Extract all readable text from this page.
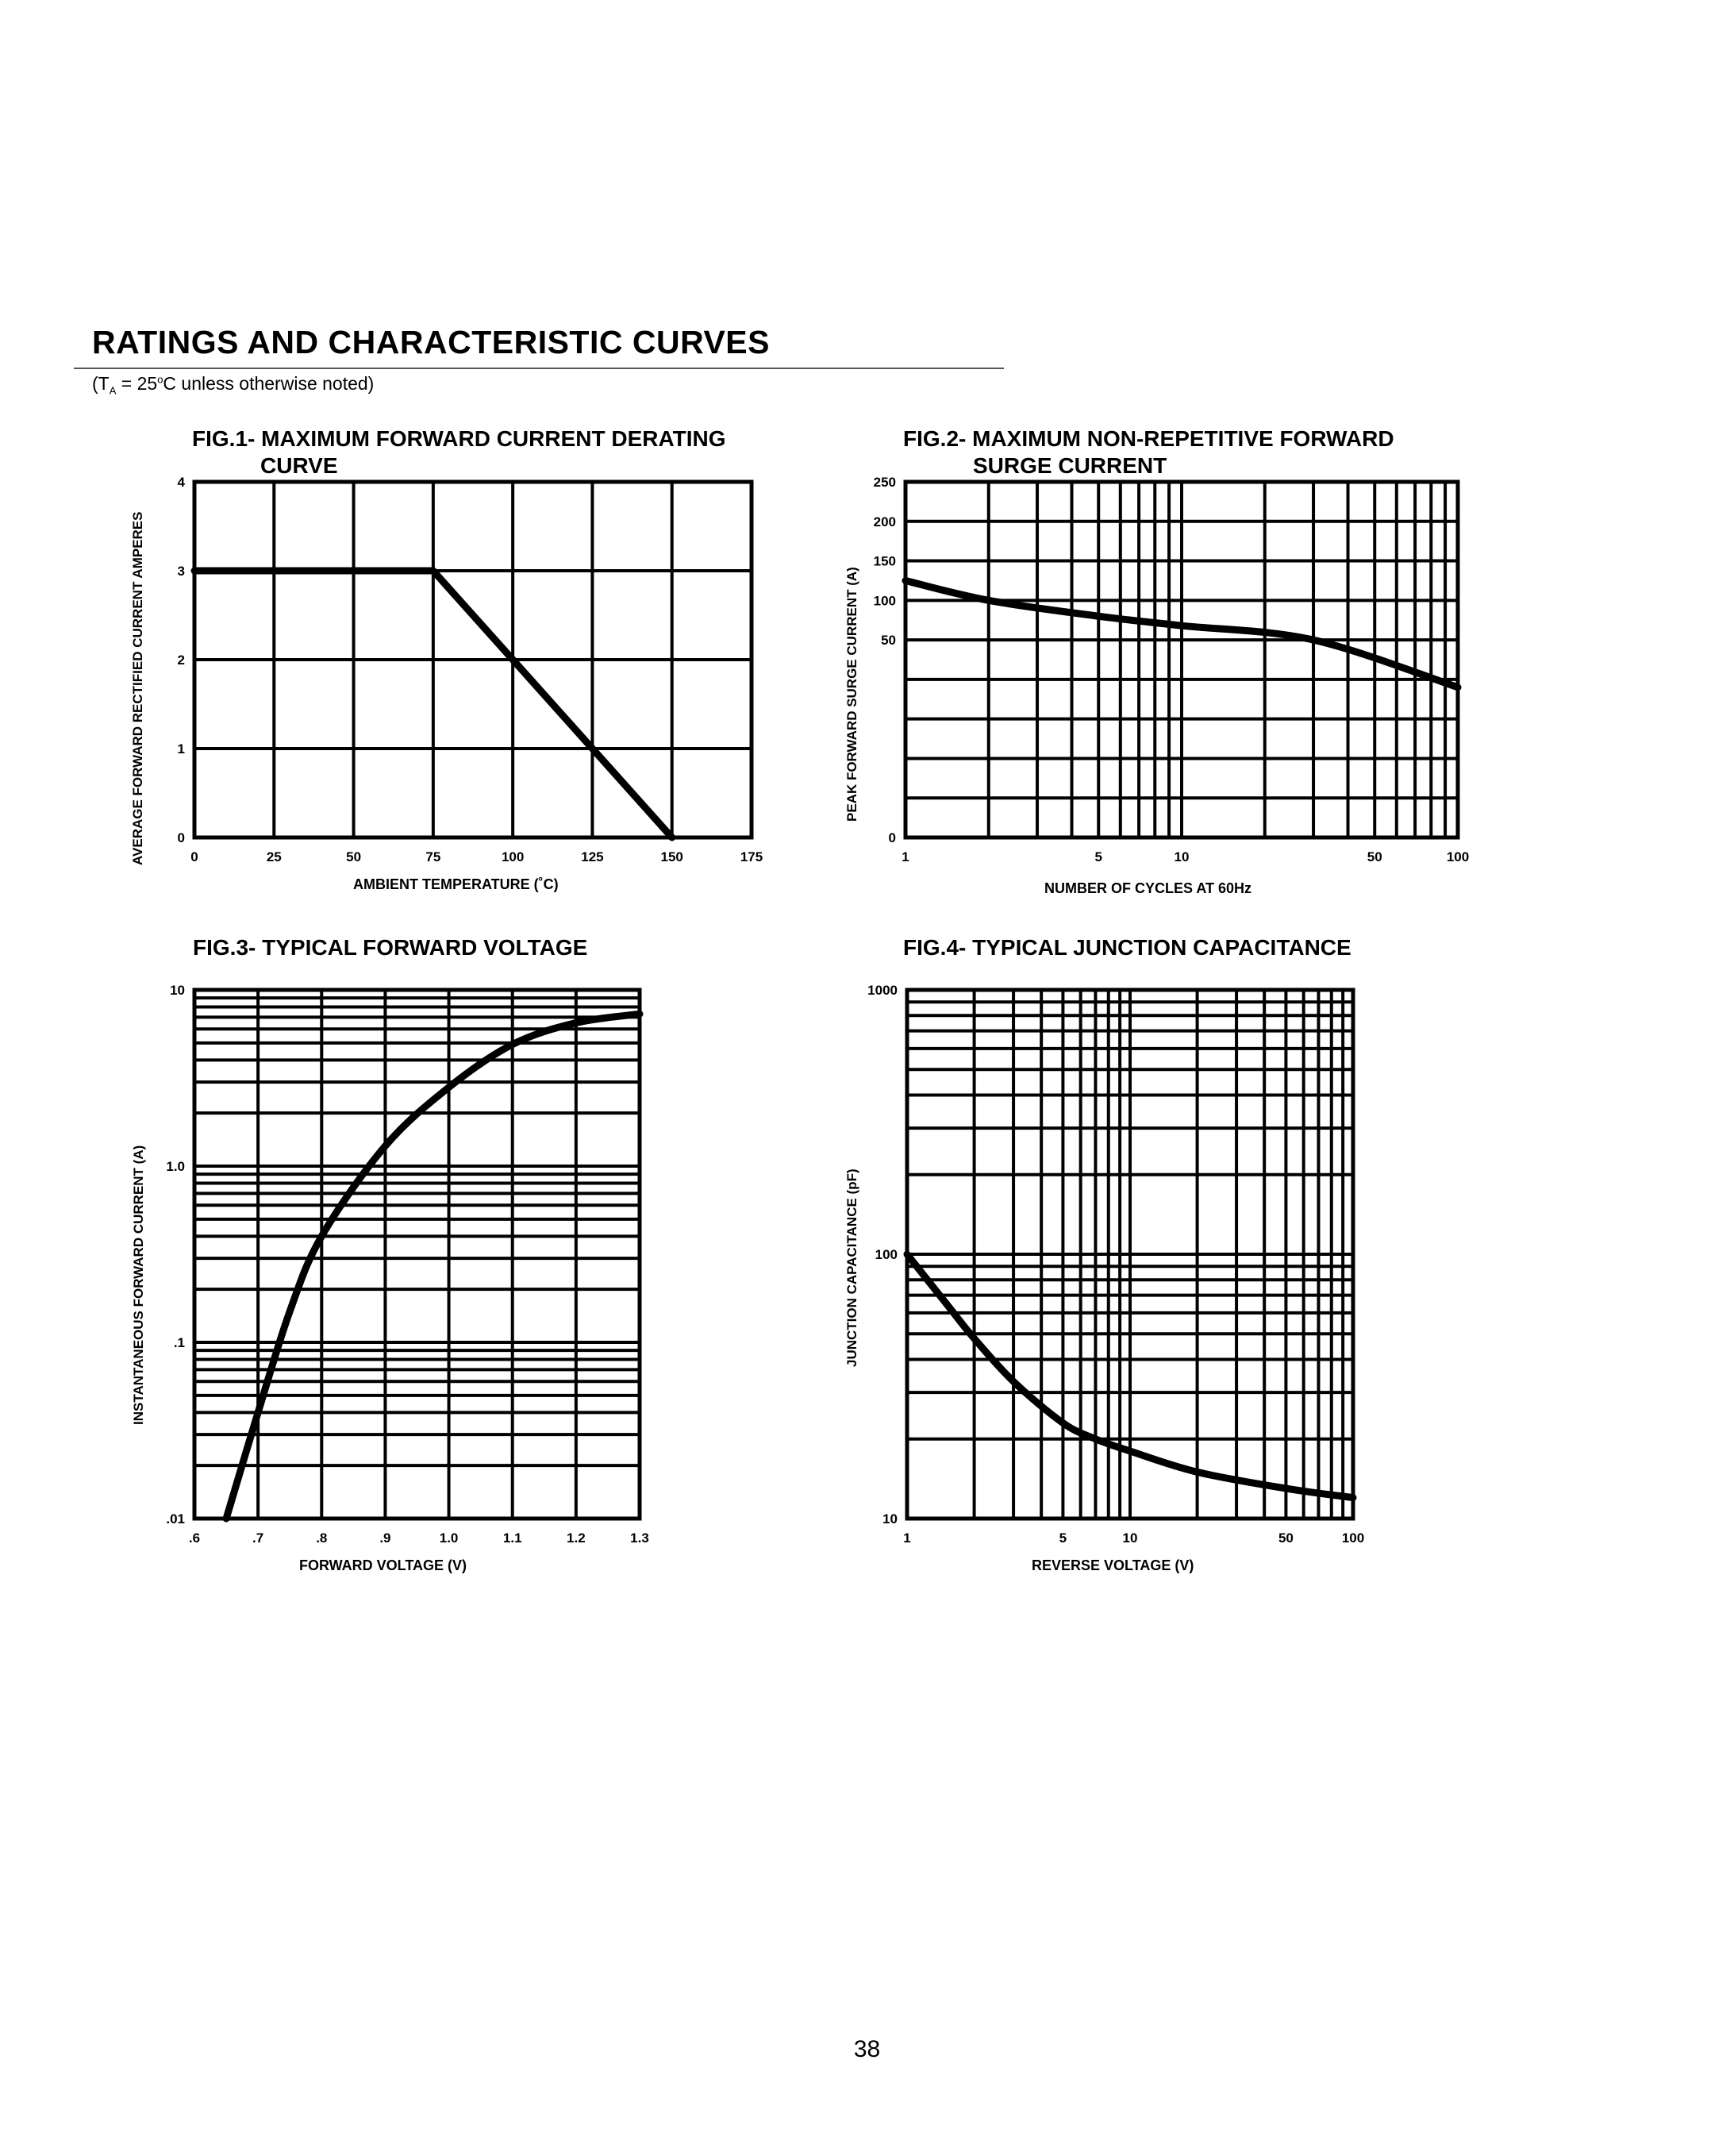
RATINGS AND CHARACTERISTIC CURVES
($T_A = 25^oC$ unless otherwise noted)
FIG.1- MAXIMUM FORWARD CURRENT DERATING
CURVE
0	25	50	75	100	125	150	175
0
1
2
3
4
AMBIENT TEMPERATURE (˚C)
AVERAGE FORWARD RECTIFIED CURRENT AMPERES
FIG.2- MAXIMUM NON-REPETITIVE FORWARD
SURGE CURRENT
1	5	10	50	100
0
50
100
150
200
250
NUMBER OF CYCLES AT 60Hz
PEAK FORWARD SURGE CURRENT (A)
FIG.3- TYPICAL FORWARD VOLTAGE
.6	.7	.8	.9	1.0	1.1	1.2	1.3
.01
.1
1.0
10
FORWARD VOLTAGE (V)
INSTANTANEOUS FORWARD CURRENT (A)
FIG.4- TYPICAL JUNCTION CAPACITANCE
1	5	10	50	100
10
100
1000
REVERSE VOLTAGE (V)
JUNCTION CAPACITANCE (pF)
38
